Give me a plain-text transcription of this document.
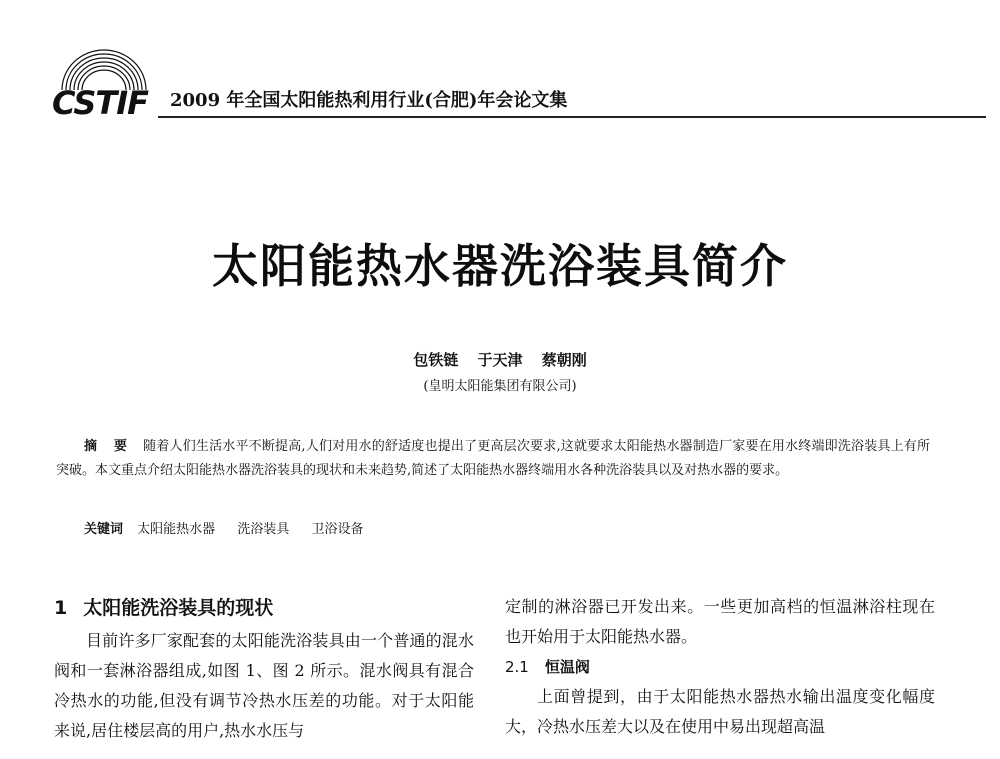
CSTIF	2009 年全国太阳能热利用行业(合肥)年会论文集
太阳能热水器洗浴装具简介
包铁链 于天津 蔡朝刚
(皇明太阳能集团有限公司)
摘 要 随着人们生活水平不断提高,人们对用水的舒适度也提出了更高层次要求,这就要求太阳能热水器制造厂家要在用水终端即洗浴装具上有所突破。本文重点介绍太阳能热水器洗浴装具的现状和未来趋势,简述了太阳能热水器终端用水各种洗浴装具以及对热水器的要求。
关键词 太阳能热水器 洗浴装具 卫浴设备
1 太阳能洗浴装具的现状

目前许多厂家配套的太阳能洗浴装具由一个普通的混水阀和一套淋浴器组成,如图 1、图 2 所示。混水阀具有混合冷热水的功能,但没有调节冷热水压差的功能。对于太阳能来说,居住楼层高的用户,热水水压与

定制的淋浴器已开发出来。一些更加高档的恒温淋浴柱现在也开始用于太阳能热水器。

2.1 恒温阀

上面曾提到，由于太阳能热水器热水输出温度变化幅度大，冷热水压差大以及在使用中易出现超高温
